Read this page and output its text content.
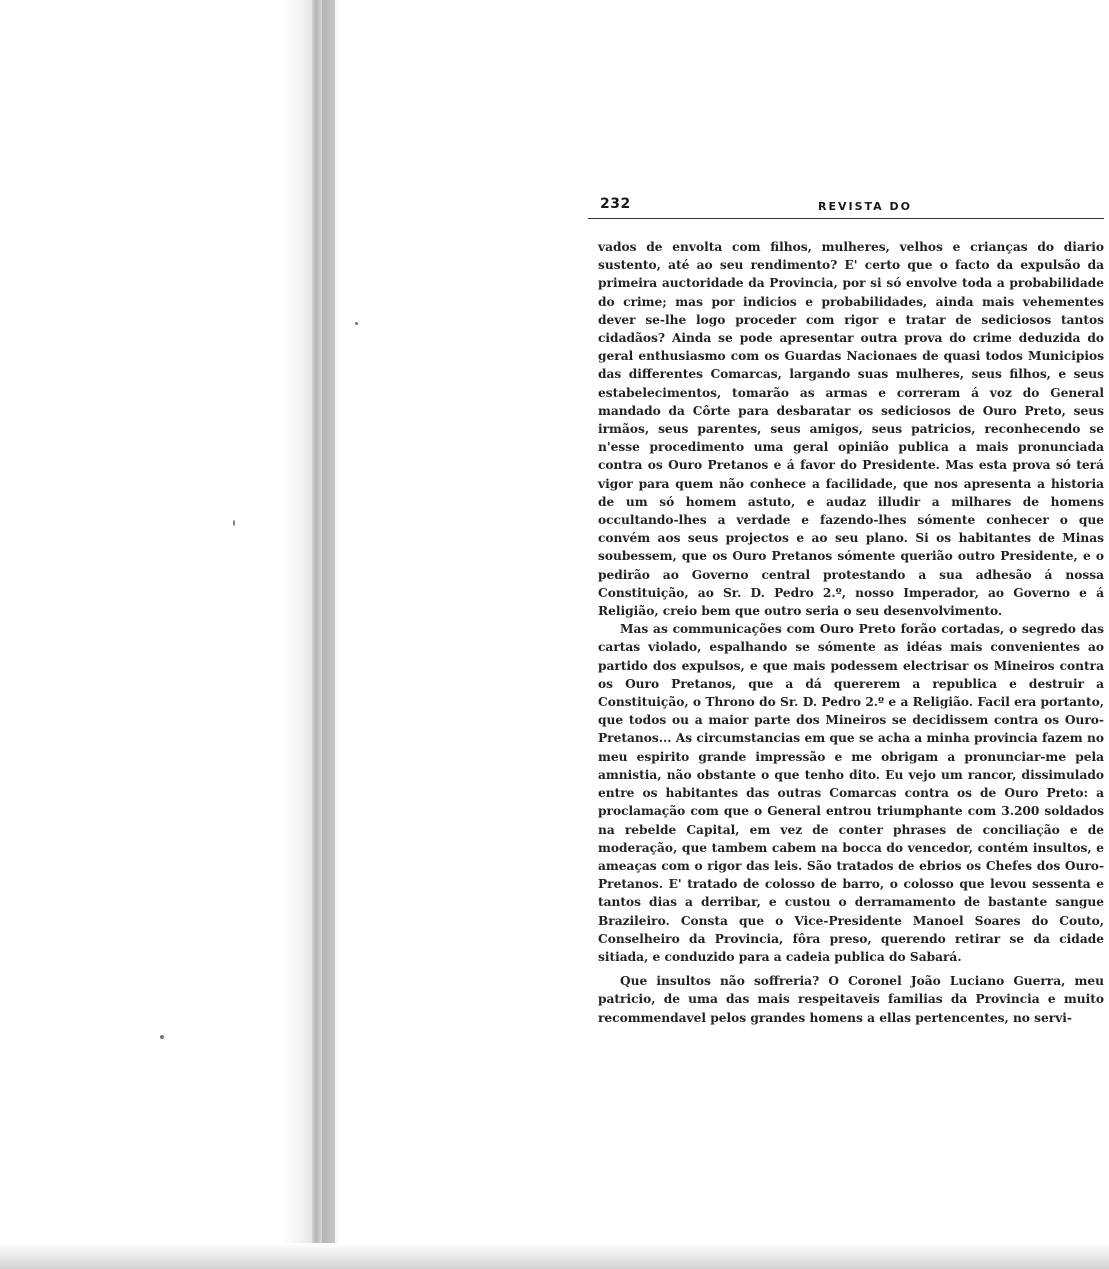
232	REVISTA DO

vados de envolta com filhos, mulheres, velhos e crianças do diario sustento, até ao seu rendimento? E' certo que o facto da expulsão da primeira auctoridade da Provincia, por si só envolve toda a probabilidade do crime; mas por indicios e probabilidades, ainda mais vehementes dever se-lhe logo proceder com rigor e tratar de sediciosos tantos cidadãos? Ainda se pode apresentar outra prova do crime deduzida do geral enthusiasmo com os Guardas Nacionaes de quasi todos Municipios das differentes Comarcas, largando suas mulheres, seus filhos, e seus estabelecimentos, tomarão as armas e correram á voz do General mandado da Côrte para desbaratar os sediciosos de Ouro Preto, seus irmãos, seus parentes, seus amigos, seus patricios, reconhecendo se n'esse procedimento uma geral opinião publica a mais pronunciada contra os Ouro Pretanos e á favor do Presidente. Mas esta prova só terá vigor para quem não conhece a facilidade, que nos apresenta a historia de um só homem astuto, e audaz illudir a milhares de homens occultando-lhes a verdade e fazendo-lhes sómente conhecer o que convém aos seus projectos e ao seu plano. Si os habitantes de Minas soubessem, que os Ouro Pretanos sómente querião outro Presidente, e o pedirão ao Governo central protestando a sua adhesão á nossa Constituição, ao Sr. D. Pedro 2.º, nosso Imperador, ao Governo e á Religião, creio bem que outro seria o seu desenvolvimento.

Mas as communicações com Ouro Preto forão cortadas, o segredo das cartas violado, espalhando se sómente as idéas mais convenientes ao partido dos expulsos, e que mais podessem electrisar os Mineiros contra os Ouro Pretanos, que a dá quererem a republica e destruir a Constituição, o Throno do Sr. D. Pedro 2.º e a Religião. Facil era portanto, que todos ou a maior parte dos Mineiros se decidissem contra os Ouro-Pretanos... As circumstancias em que se acha a minha provincia fazem no meu espirito grande impressão e me obrigam a pronunciar-me pela amnistia, não obstante o que tenho dito. Eu vejo um rancor, dissimulado entre os habitantes das outras Comarcas contra os de Ouro Preto: a proclamação com que o General entrou triumphante com 3.200 soldados na rebelde Capital, em vez de conter phrases de conciliação e de moderação, que tambem cabem na bocca do vencedor, contém insultos, e ameaças com o rigor das leis. São tratados de ebrios os Chefes dos Ouro-Pretanos. E' tratado de colosso de barro, o colosso que levou sessenta e tantos dias a derribar, e custou o derramamento de bastante sangue Brazileiro. Consta que o Vice-Presidente Manoel Soares do Couto, Conselheiro da Provincia, fôra preso, querendo retirar se da cidade sitiada, e conduzido para a cadeia publica do Sabará.

Que insultos não soffreria? O Coronel João Luciano Guerra, meu patricio, de uma das mais respeitaveis familias da Provincia e muito recommendavel pelos grandes homens a ellas pertencentes, no servi-
